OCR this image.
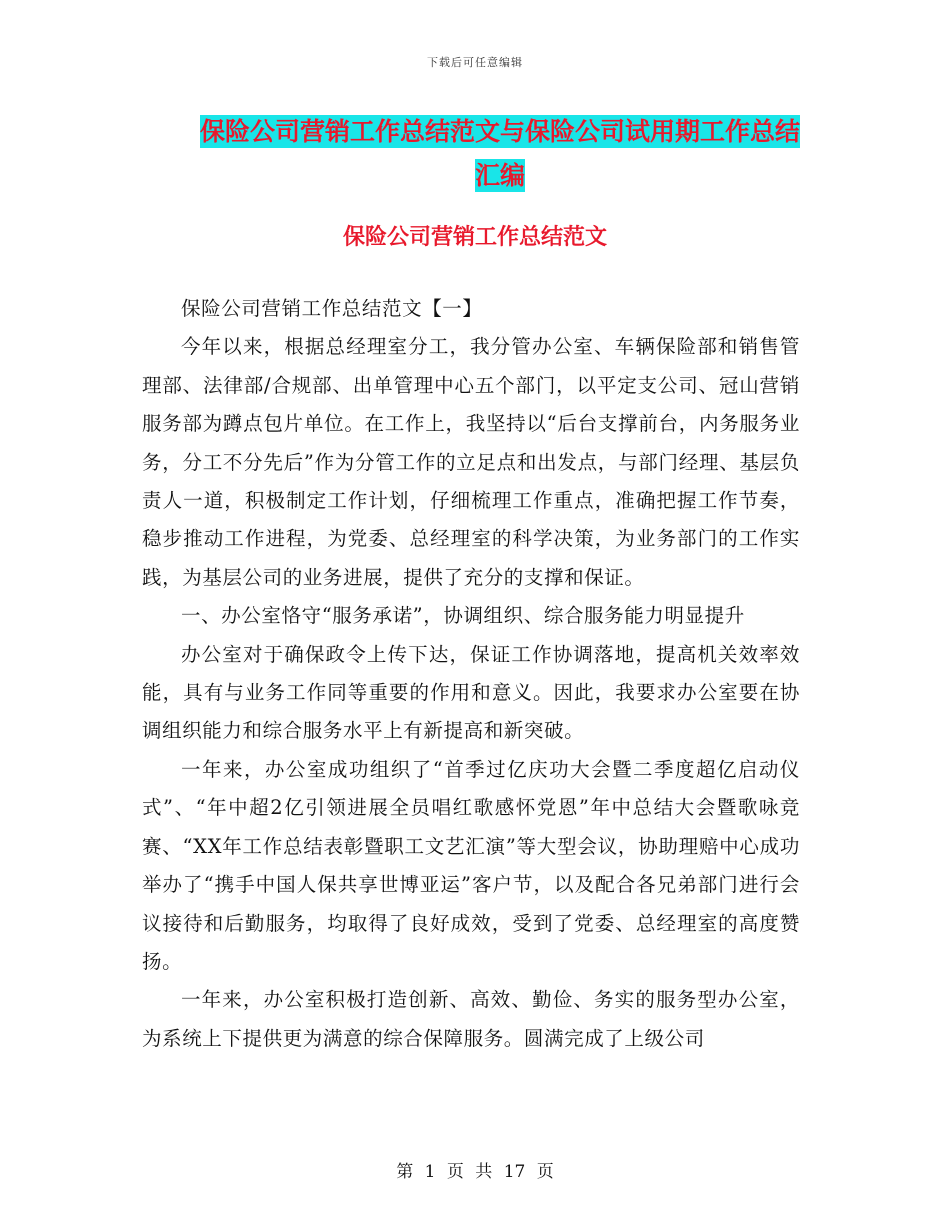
下载后可任意编辑
保险公司营销工作总结范文与保险公司试用期工作总结汇编
保险公司营销工作总结范文

保险公司营销工作总结范文【一】

今年以来，根据总经理室分工，我分管办公室、车辆保险部和销售管理部、法律部/合规部、出单管理中心五个部门，以平定支公司、冠山营销服务部为蹲点包片单位。在工作上，我坚持以“后台支撑前台，内务服务业务，分工不分先后”作为分管工作的立足点和出发点，与部门经理、基层负责人一道，积极制定工作计划，仔细梳理工作重点，准确把握工作节奏，稳步推动工作进程，为党委、总经理室的科学决策，为业务部门的工作实践，为基层公司的业务进展，提供了充分的支撑和保证。

一、办公室恪守“服务承诺”，协调组织、综合服务能力明显提升

办公室对于确保政令上传下达，保证工作协调落地，提高机关效率效能，具有与业务工作同等重要的作用和意义。因此，我要求办公室要在协调组织能力和综合服务水平上有新提高和新突破。

一年来，办公室成功组织了“首季过亿庆功大会暨二季度超亿启动仪式”、“年中超2亿引领进展全员唱红歌感怀党恩”年中总结大会暨歌咏竞赛、“XX年工作总结表彰暨职工文艺汇演”等大型会议，协助理赔中心成功举办了“携手中国人保共享世博亚运”客户节，以及配合各兄弟部门进行会议接待和后勤服务，均取得了良好成效，受到了党委、总经理室的高度赞扬。

一年来，办公室积极打造创新、高效、勤俭、务实的服务型办公室，为系统上下提供更为满意的综合保障服务。圆满完成了上级公司

第 1 页 共 17 页
